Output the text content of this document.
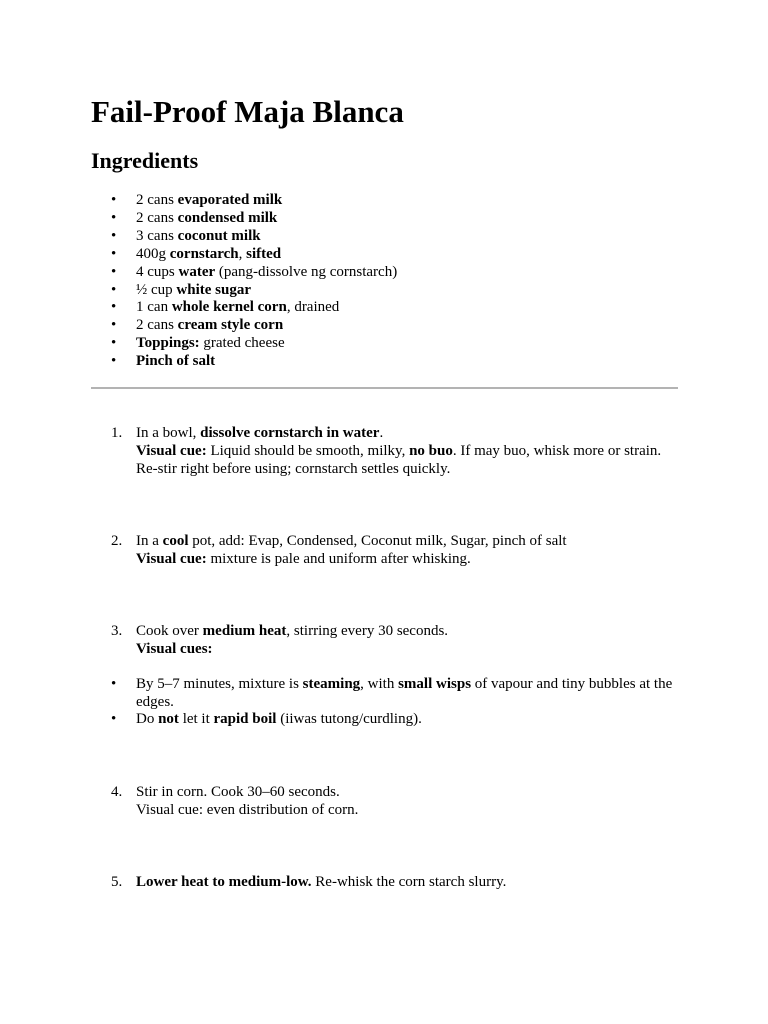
Fail-Proof Maja Blanca
Ingredients
• 2 cans evaporated milk
• 2 cans condensed milk
• 3 cans coconut milk
• 400g cornstarch, sifted
• 4 cups water (pang-dissolve ng cornstarch)
• ½ cup white sugar
• 1 can whole kernel corn, drained
• 2 cans cream style corn
• Toppings: grated cheese
• Pinch of salt
1. In a bowl, dissolve cornstarch in water.
Visual cue: Liquid should be smooth, milky, no buo. If may buo, whisk more or strain. Re-stir right before using; cornstarch settles quickly.
2. In a cool pot, add: Evap, Condensed, Coconut milk, Sugar, pinch of salt
Visual cue: mixture is pale and uniform after whisking.
3. Cook over medium heat, stirring every 30 seconds.
Visual cues:
• By 5–7 minutes, mixture is steaming, with small wisps of vapour and tiny bubbles at the edges.
• Do not let it rapid boil (iiwas tutong/curdling).
4. Stir in corn. Cook 30–60 seconds.
Visual cue: even distribution of corn.
5. Lower heat to medium-low. Re-whisk the corn starch slurry.
